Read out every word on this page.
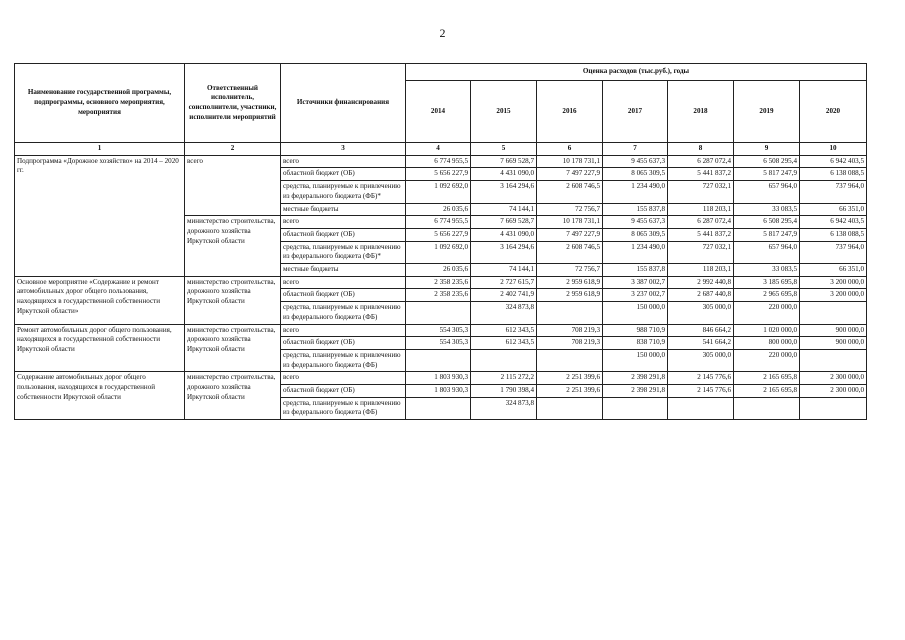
2
Наименование государственной программы, подпрограммы, основного мероприятия, мероприятия	Ответственный исполнитель, соисполнители, участники, исполнители мероприятий	Источники финансирования	Оценка расходов (тыс.руб.), годы						
			2014	2015	2016	2017	2018	2019	2020
1	2	3	4	5	6	7	8	9	10
Подпрограмма «Дорожное хозяйство» на 2014 – 2020 гг.	всего	всего	6 774 955,5	7 669 528,7	10 178 731,1	9 455 637,3	6 287 072,4	6 508 295,4	6 942 403,5
		областной бюджет (ОБ)	5 656 227,9	4 431 090,0	7 497 227,9	8 065 309,5	5 441 837,2	5 817 247,9	6 138 088,5
		средства, планируемые к привлечению из федерального бюджета (ФБ)*	1 092 692,0	3 164 294,6	2 608 746,5	1 234 490,0	727 032,1	657 964,0	737 964,0
		местные бюджеты	26 035,6	74 144,1	72 756,7	155 837,8	118 203,1	33 083,5	66 351,0
	министерство строительства, дорожного хозяйства Иркутской области	всего	6 774 955,5	7 669 528,7	10 178 731,1	9 455 637,3	6 287 072,4	6 508 295,4	6 942 403,5
		областной бюджет (ОБ)	5 656 227,9	4 431 090,0	7 497 227,9	8 065 309,5	5 441 837,2	5 817 247,9	6 138 088,5
		средства, планируемые к привлечению из федерального бюджета (ФБ)*	1 092 692,0	3 164 294,6	2 608 746,5	1 234 490,0	727 032,1	657 964,0	737 964,0
		местные бюджеты	26 035,6	74 144,1	72 756,7	155 837,8	118 203,1	33 083,5	66 351,0
Основное мероприятие «Содержание и ремонт автомобильных дорог общего пользования, находящихся в государственной собственности Иркутской области»	министерство строительства, дорожного хозяйства Иркутской области	всего	2 358 235,6	2 727 615,7	2 959 618,9	3 387 002,7	2 992 440,8	3 185 695,8	3 200 000,0
		областной бюджет (ОБ)	2 358 235,6	2 402 741,9	2 959 618,9	3 237 002,7	2 687 440,8	2 965 695,8	3 200 000,0
		средства, планируемые к привлечению из федерального бюджета (ФБ)		324 873,8		150 000,0	305 000,0	220 000,0	
Ремонт автомобильных дорог общего пользования, находящихся в государственной собственности Иркутской области	министерство строительства, дорожного хозяйства Иркутской области	всего	554 305,3	612 343,5	708 219,3	988 710,9	846 664,2	1 020 000,0	900 000,0
		областной бюджет (ОБ)	554 305,3	612 343,5	708 219,3	838 710,9	541 664,2	800 000,0	900 000,0
		средства, планируемые к привлечению из федерального бюджета (ФБ)				150 000,0	305 000,0	220 000,0	
Содержание автомобильных дорог общего пользования, находящихся в государственной собственности Иркутской области	министерство строительства, дорожного хозяйства Иркутской области	всего	1 803 930,3	2 115 272,2	2 251 399,6	2 398 291,8	2 145 776,6	2 165 695,8	2 300 000,0
		областной бюджет (ОБ)	1 803 930,3	1 790 398,4	2 251 399,6	2 398 291,8	2 145 776,6	2 165 695,8	2 300 000,0
		средства, планируемые к привлечению из федерального бюджета (ФБ)		324 873,8					
